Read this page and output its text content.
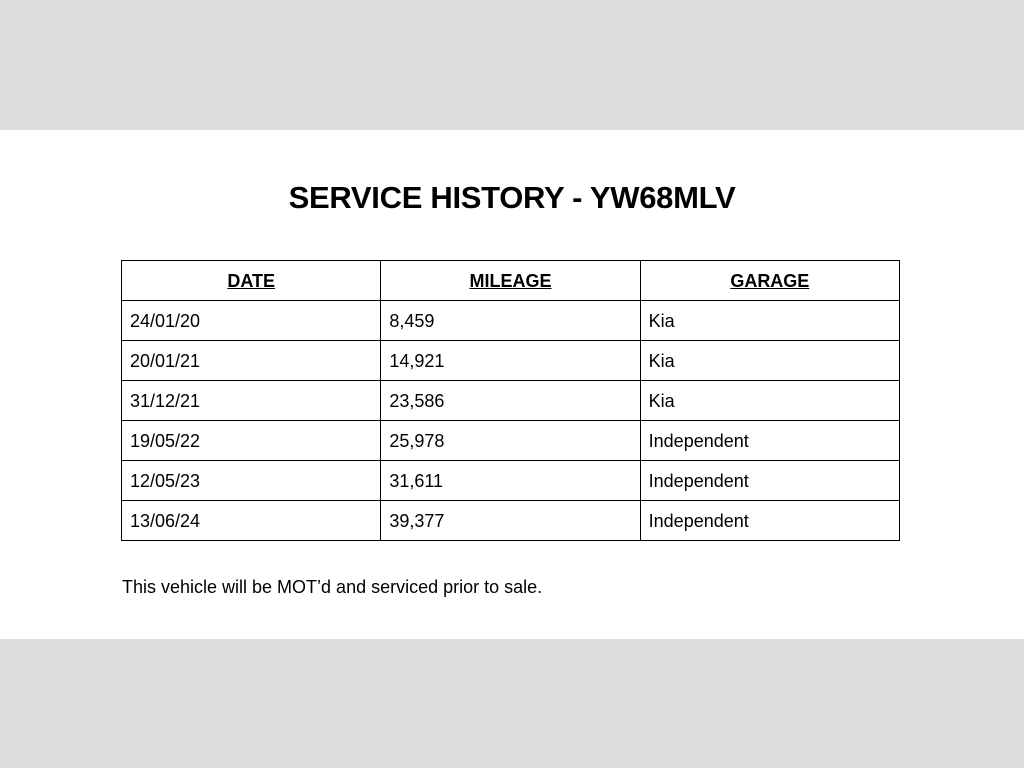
SERVICE HISTORY - YW68MLV
DATE	MILEAGE	GARAGE
24/01/20	8,459	Kia
20/01/21	14,921	Kia
31/12/21	23,586	Kia
19/05/22	25,978	Independent
12/05/23	31,611	Independent
13/06/24	39,377	Independent

This vehicle will be MOT’d and serviced prior to sale.
